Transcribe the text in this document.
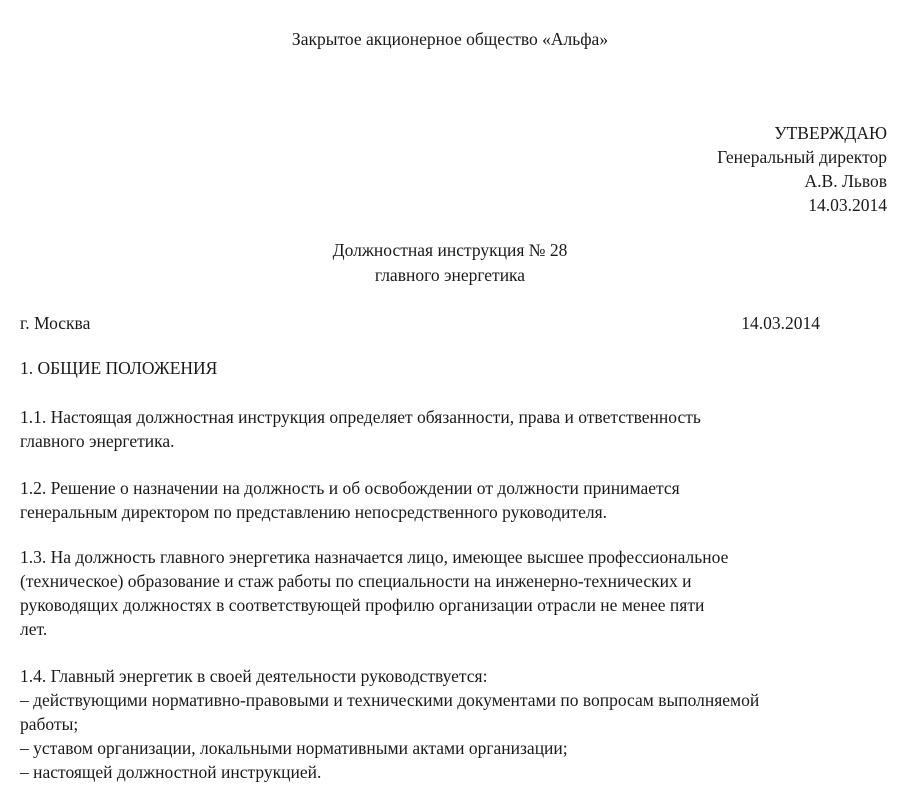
Закрытое акционерное общество «Альфа»
УТВЕРЖДАЮ
Генеральный директор
А.В. Львов
14.03.2014
Должностная инструкция № 28
главного энергетика
г. Москва	14.03.2014
1. ОБЩИЕ ПОЛОЖЕНИЯ
1.1. Настоящая должностная инструкция определяет обязанности, права и ответственность
главного энергетика.
1.2. Решение о назначении на должность и об освобождении от должности принимается
генеральным директором по представлению непосредственного руководителя.
1.3. На должность главного энергетика назначается лицо, имеющее высшее профессиональное
(техническое) образование и стаж работы по специальности на инженерно-технических и
руководящих должностях в соответствующей профилю организации отрасли не менее пяти
лет.
1.4. Главный энергетик в своей деятельности руководствуется:
– действующими нормативно-правовыми и техническими документами по вопросам выполняемой
работы;
– уставом организации, локальными нормативными актами организации;
– настоящей должностной инструкцией.
